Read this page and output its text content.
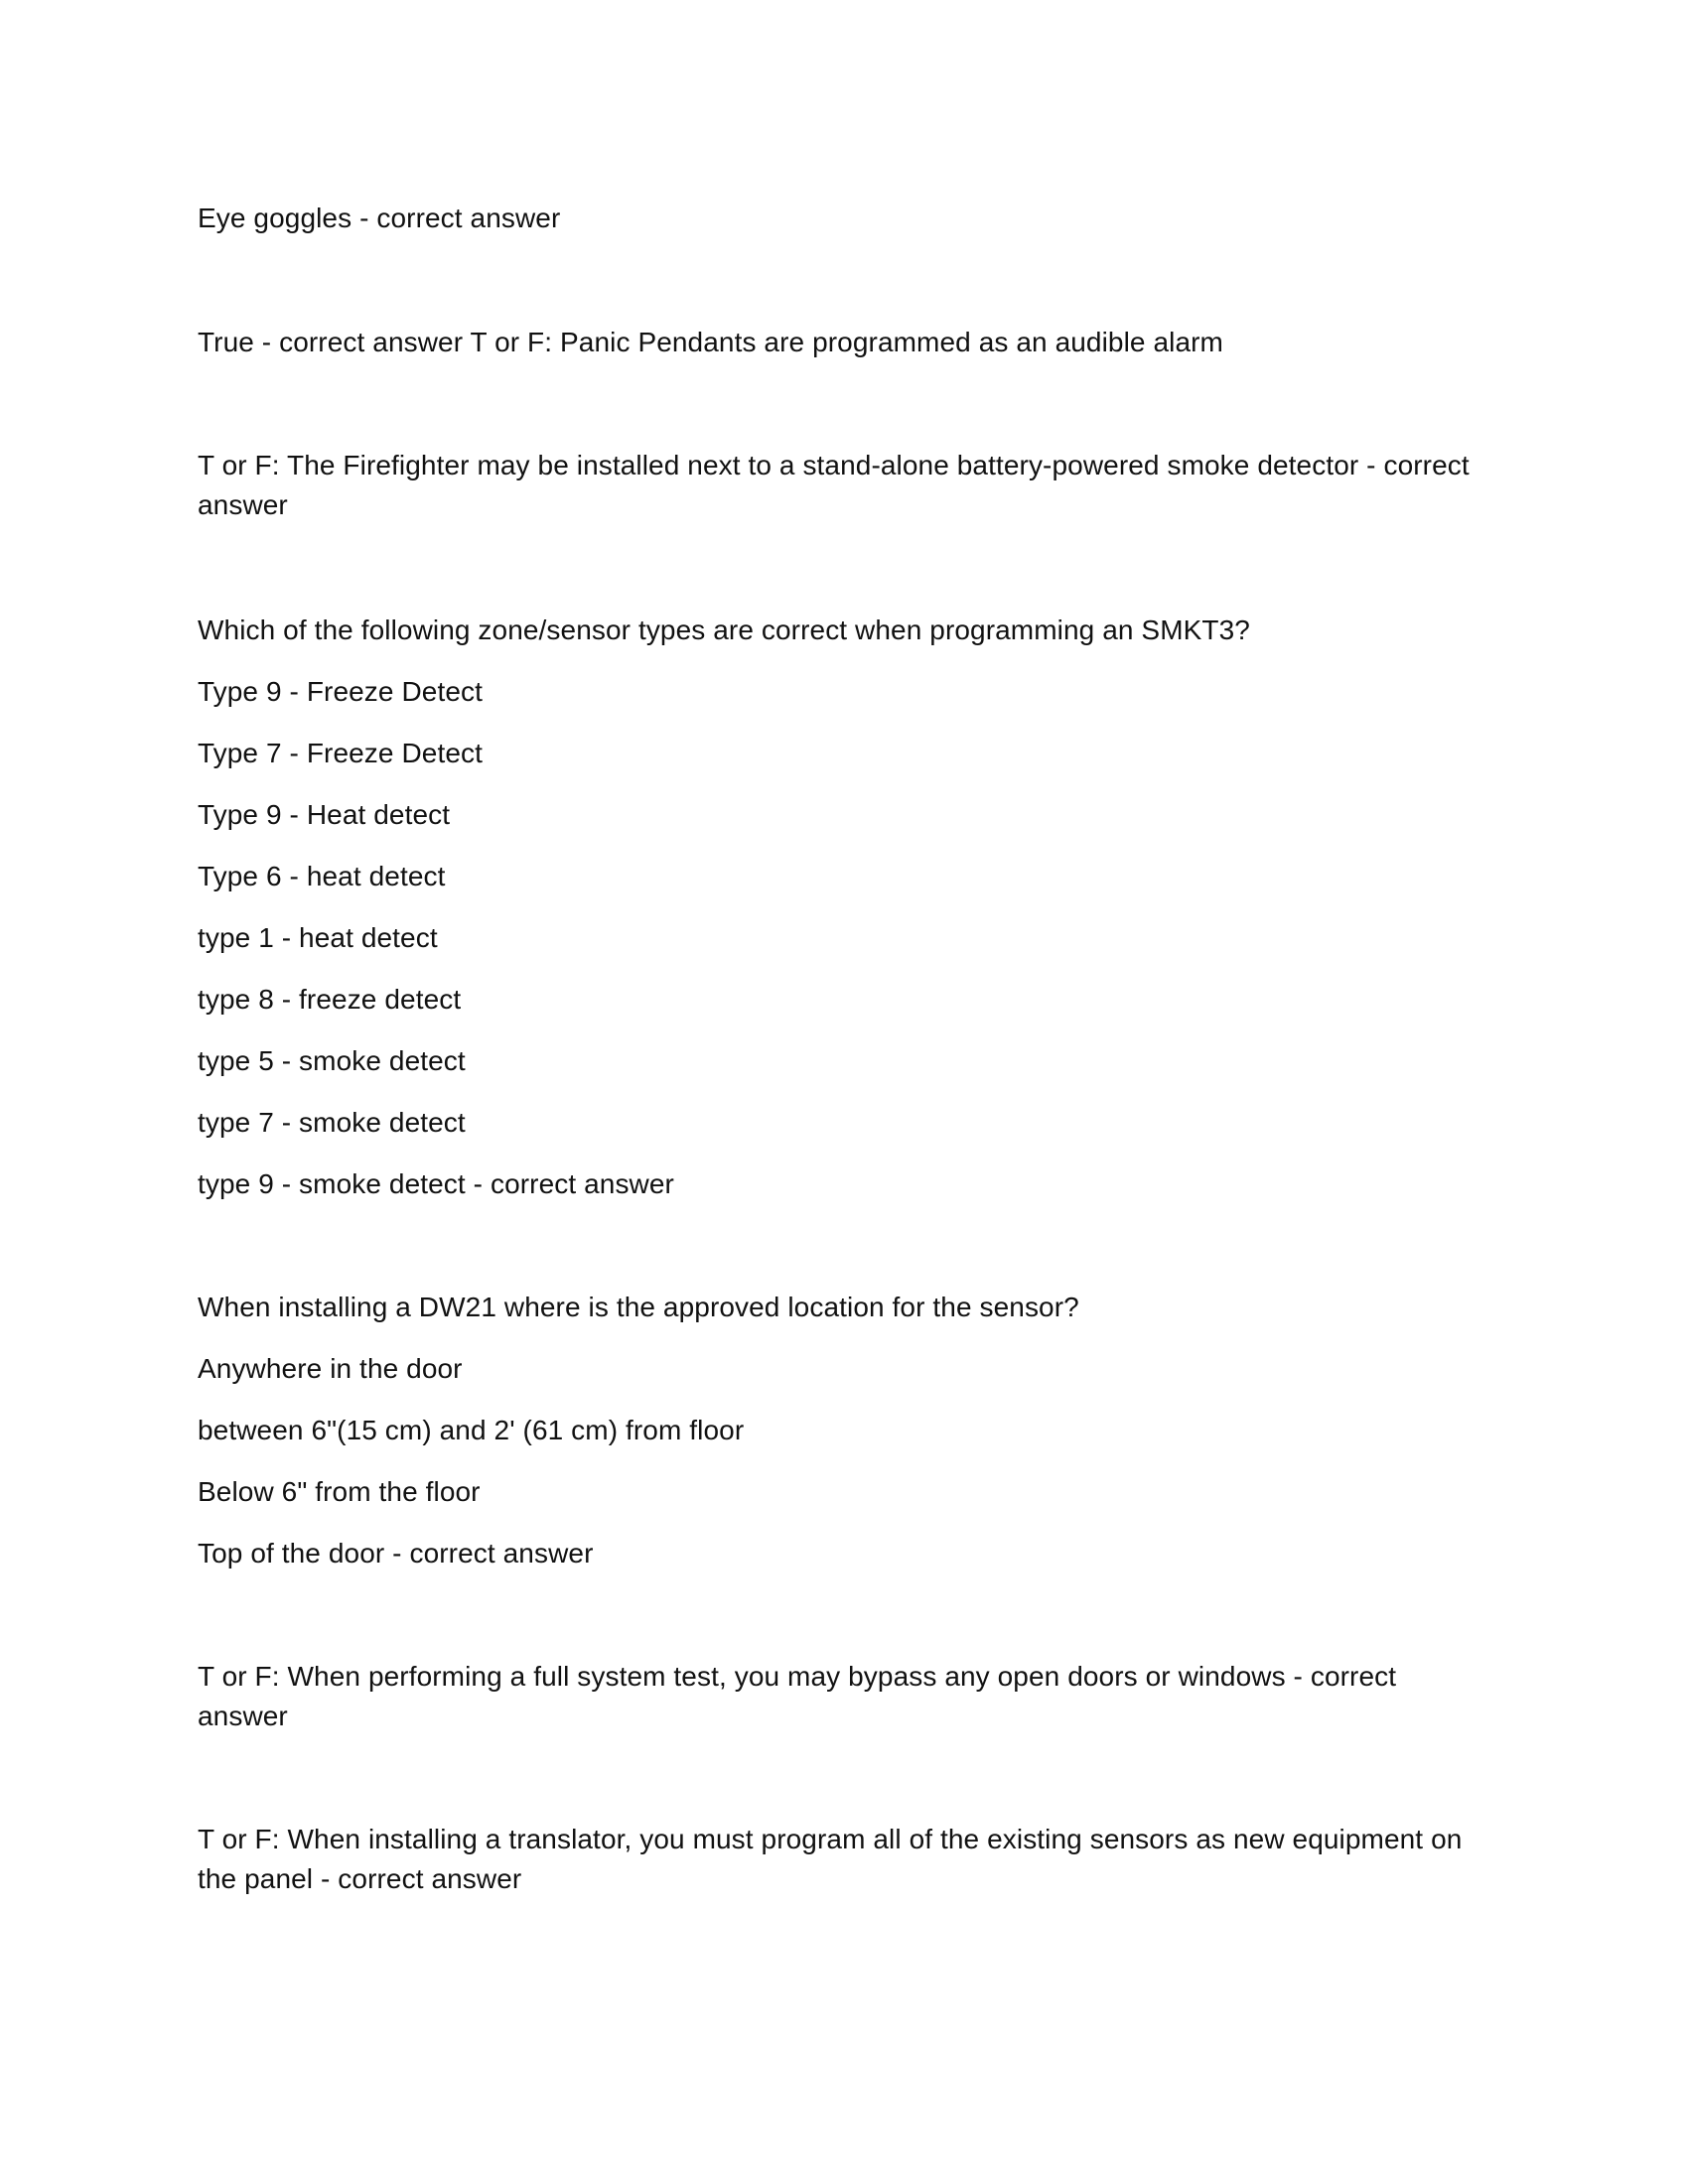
Eye goggles - correct answer
True - correct answer T or F: Panic Pendants are programmed as an audible alarm
T or F: The Firefighter may be installed next to a stand-alone battery-powered smoke detector - correct
answer
Which of the following zone/sensor types are correct when programming an SMKT3?
Type 9 - Freeze Detect
Type 7 - Freeze Detect
Type 9 - Heat detect
Type 6 - heat detect
type 1 - heat detect
type 8 - freeze detect
type 5 - smoke detect
type 7 - smoke detect
type 9 - smoke detect - correct answer
When installing a DW21 where is the approved location for the sensor?
Anywhere in the door
between 6"(15 cm) and 2' (61 cm) from floor
Below 6" from the floor
Top of the door - correct answer
T or F: When performing a full system test, you may bypass any open doors or windows - correct
answer
T or F: When installing a translator, you must program all of the existing sensors as new equipment on
the panel - correct answer
